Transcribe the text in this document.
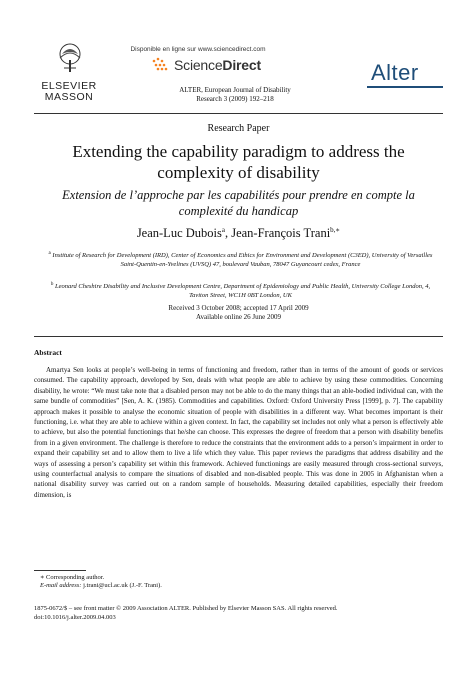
ELSEVIER
MASSON
Disponible en ligne sur www.sciencedirect.com
ScienceDirect
ALTER, European Journal of Disability
Research 3 (2009) 192–218
Alter
Research Paper
Extending the capability paradigm to address the complexity of disability
Extension de l’approche par les capabilités pour prendre en compte la complexité du handicap
Jean-Luc Dubois$^a$, Jean-François Trani$^{b,∗}$
$^a$ Institute of Research for Development (IRD), Center of Economics and Ethics for Environment and Development (C3ED), University of Versailles Saint-Quentin-en-Yvelines (UVSQ) 47, boulevard Vauban, 78047 Guyancourt cedex, France
$^b$ Leonard Cheshire Disability and Inclusive Development Centre, Department of Epidemiology and Public Health, University College London, 4, Taviton Street, WC1H 0BT London, UK
Received 3 October 2008; accepted 17 April 2009
Available online 26 June 2009
Abstract
Amartya Sen looks at people’s well-being in terms of functioning and freedom, rather than in terms of the amount of goods or services consumed. The capability approach, developed by Sen, deals with what people are able to achieve by using these commodities. Concerning disability, he wrote: “We must take note that a disabled person may not be able to do the many things that an able-bodied individual can, with the same bundle of commodities” [Sen, A. K. (1985). Commodities and capabilities. Oxford: Oxford University Press [1999], p. 7]. The capability approach makes it possible to analyse the economic situation of people with disabilities in a different way. What becomes important is their functioning, i.e. what they are able to achieve within a given context. In fact, the capability set includes not only what a person is effectively able to achieve, but also the potential functionings that he/she can choose. This expresses the degree of freedom that a person with disability benefits from in a given environment. The challenge is therefore to reduce the constraints that the environment adds to a person’s impairment in order to expand their capability set and to allow them to live a life which they value. This paper reviews the paradigms that address disability and the ways of assessing a person’s capability set within this framework. Achieved functionings are easily measured through cross-sectional surveys, using counterfactual analysis to compare the situations of disabled and non-disabled people. This was done in 2005 in Afghanistan when a national disability survey was carried out on a random sample of households. Measuring detailed capabilities, especially their freedom dimension, is
∗ Corresponding author.
E-mail address: j.trani@ucl.ac.uk (J.-F. Trani).
1875-0672/$ – see front matter © 2009 Association ALTER. Published by Elsevier Masson SAS. All rights reserved.
doi:10.1016/j.alter.2009.04.003
